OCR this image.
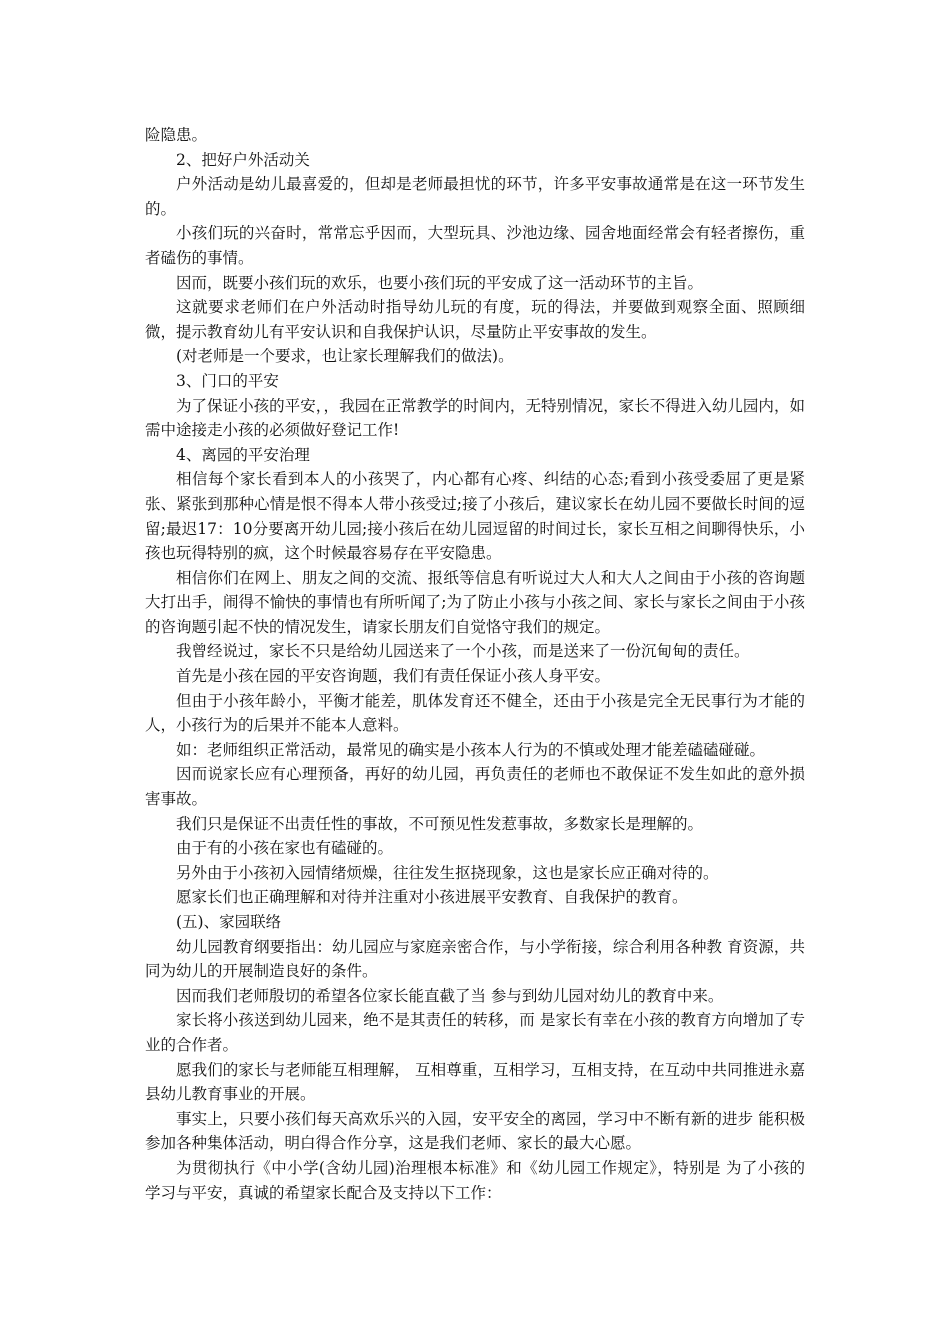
险隐患。

2、把好户外活动关

户外活动是幼儿最喜爱的，但却是老师最担忧的环节，许多平安事故通常是在这一环节发生的。

小孩们玩的兴奋时，常常忘乎因而，大型玩具、沙池边缘、园舍地面经常会有轻者擦伤，重者磕伤的事情。

因而，既要小孩们玩的欢乐，也要小孩们玩的平安成了这一活动环节的主旨。

这就要求老师们在户外活动时指导幼儿玩的有度，玩的得法，并要做到观察全面、照顾细微，提示教育幼儿有平安认识和自我保护认识，尽量防止平安事故的发生。

(对老师是一个要求，也让家长理解我们的做法)。

3、门口的平安

为了保证小孩的平安，，我园在正常教学的时间内，无特别情况，家长不得进入幼儿园内，如需中途接走小孩的必须做好登记工作!

4、离园的平安治理

相信每个家长看到本人的小孩哭了，内心都有心疼、纠结的心态;看到小孩受委屈了更是紧张、紧张到那种心情是恨不得本人带小孩受过;接了小孩后，建议家长在幼儿园不要做长时间的逗留;最迟17：10分要离开幼儿园;接小孩后在幼儿园逗留的时间过长，家长互相之间聊得快乐，小孩也玩得特别的疯，这个时候最容易存在平安隐患。

相信你们在网上、朋友之间的交流、报纸等信息有听说过大人和大人之间由于小孩的咨询题大打出手，闹得不愉快的事情也有所听闻了;为了防止小孩与小孩之间、家长与家长之间由于小孩的咨询题引起不快的情况发生，请家长朋友们自觉恪守我们的规定。

我曾经说过，家长不只是给幼儿园送来了一个小孩，而是送来了一份沉甸甸的责任。

首先是小孩在园的平安咨询题，我们有责任保证小孩人身平安。

但由于小孩年龄小，平衡才能差，肌体发育还不健全，还由于小孩是完全无民事行为才能的人，小孩行为的后果并不能本人意料。

如：老师组织正常活动，最常见的确实是小孩本人行为的不慎或处理才能差磕磕碰碰。

因而说家长应有心理预备，再好的幼儿园，再负责任的老师也不敢保证不发生如此的意外损害事故。

我们只是保证不出责任性的事故，不可预见性发惹事故，多数家长是理解的。

由于有的小孩在家也有磕碰的。

另外由于小孩初入园情绪烦燥，往往发生抠挠现象，这也是家长应正确对待的。

愿家长们也正确理解和对待并注重对小孩进展平安教育、自我保护的教育。

(五)、家园联络

幼儿园教育纲要指出：幼儿园应与家庭亲密合作，与小学衔接，综合利用各种教 育资源，共同为幼儿的开展制造良好的条件。

因而我们老师殷切的希望各位家长能直截了当 参与到幼儿园对幼儿的教育中来。

家长将小孩送到幼儿园来，绝不是其责任的转移，而 是家长有幸在小孩的教育方向增加了专业的合作者。

愿我们的家长与老师能互相理解， 互相尊重，互相学习，互相支持，在互动中共同推进永嘉县幼儿教育事业的开展。

事实上，只要小孩们每天高欢乐兴的入园，安平安全的离园，学习中不断有新的进步 能积极参加各种集体活动，明白得合作分享，这是我们老师、家长的最大心愿。

为贯彻执行《中小学(含幼儿园)治理根本标准》和《幼儿园工作规定》，特别是 为了小孩的学习与平安，真诚的希望家长配合及支持以下工作：
